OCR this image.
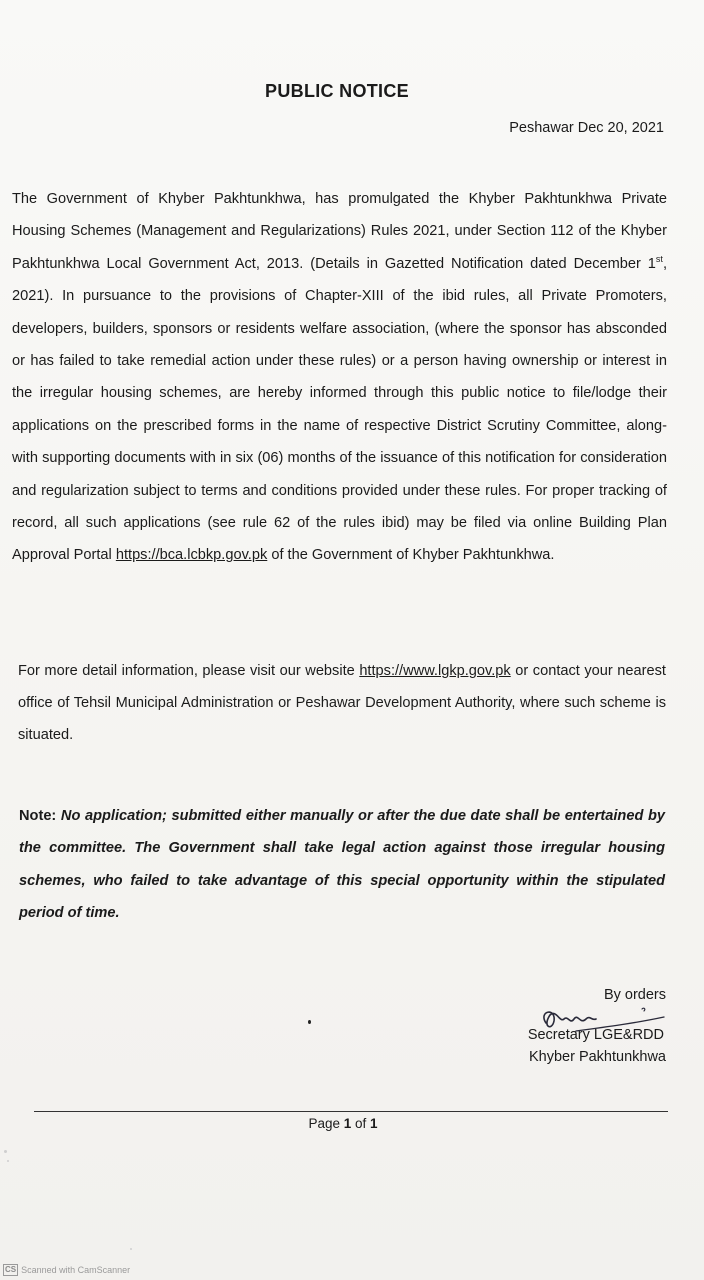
PUBLIC NOTICE
Peshawar Dec 20, 2021
The Government of Khyber Pakhtunkhwa, has promulgated the Khyber Pakhtunkhwa Private Housing Schemes (Management and Regularizations) Rules 2021, under Section 112 of the Khyber Pakhtunkhwa Local Government Act, 2013. (Details in Gazetted Notification dated December 1st, 2021). In pursuance to the provisions of Chapter-XIII of the ibid rules, all Private Promoters, developers, builders, sponsors or residents welfare association, (where the sponsor has absconded or has failed to take remedial action under these rules) or a person having ownership or interest in the irregular housing schemes, are hereby informed through this public notice to file/lodge their applications on the prescribed forms in the name of respective District Scrutiny Committee, along-with supporting documents with in six (06) months of the issuance of this notification for consideration and regularization subject to terms and conditions provided under these rules. For proper tracking of record, all such applications (see rule 62 of the rules ibid) may be filed via online Building Plan Approval Portal https://bca.lcbkp.gov.pk of the Government of Khyber Pakhtunkhwa.
For more detail information, please visit our website https://www.lgkp.gov.pk or contact your nearest office of Tehsil Municipal Administration or Peshawar Development Authority, where such scheme is situated.
Note: No application; submitted either manually or after the due date shall be entertained by the committee. The Government shall take legal action against those irregular housing schemes, who failed to take advantage of this special opportunity within the stipulated period of time.
By orders
Secretary LGE&RDD
Khyber Pakhtunkhwa
Page 1 of 1
CS Scanned with CamScanner
